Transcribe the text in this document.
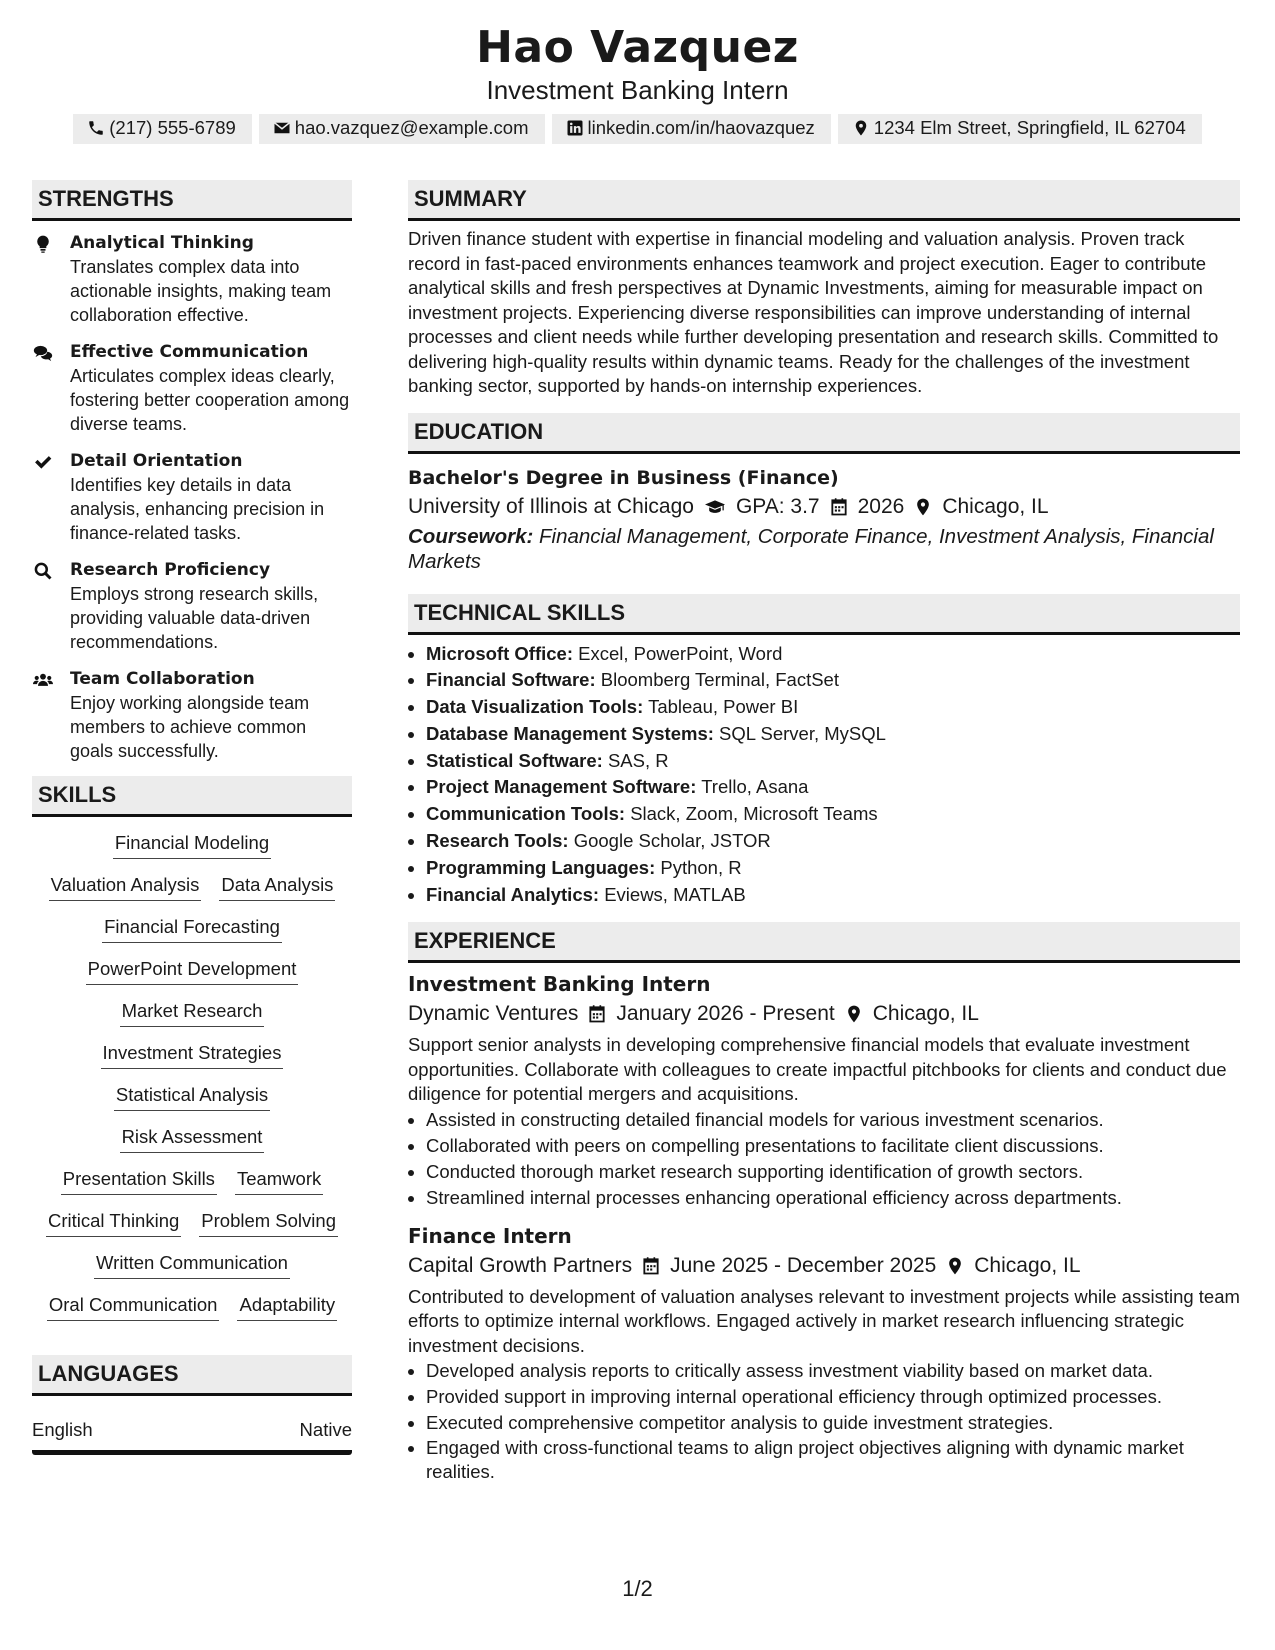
Hao Vazquez
Investment Banking Intern
(217) 555-6789	hao.vazquez@example.com	linkedin.com/in/haovazquez	1234 Elm Street, Springfield, IL 62704
STRENGTHS
Analytical Thinking
Translates complex data into actionable insights, making team collaboration effective.
Effective Communication
Articulates complex ideas clearly, fostering better cooperation among diverse teams.
Detail Orientation
Identifies key details in data analysis, enhancing precision in finance-related tasks.
Research Proficiency
Employs strong research skills, providing valuable data-driven recommendations.
Team Collaboration
Enjoy working alongside team members to achieve common goals successfully.
SKILLS
Financial Modeling
Valuation Analysis Data Analysis
Financial Forecasting
PowerPoint Development
Market Research
Investment Strategies
Statistical Analysis
Risk Assessment
Presentation Skills Teamwork
Critical Thinking Problem Solving
Written Communication
Oral Communication Adaptability
LANGUAGES
English	Native
SUMMARY
Driven finance student with expertise in financial modeling and valuation analysis. Proven track record in fast-paced environments enhances teamwork and project execution. Eager to contribute analytical skills and fresh perspectives at Dynamic Investments, aiming for measurable impact on investment projects. Experiencing diverse responsibilities can improve understanding of internal processes and client needs while further developing presentation and research skills. Committed to delivering high-quality results within dynamic teams. Ready for the challenges of the investment banking sector, supported by hands-on internship experiences.
EDUCATION
Bachelor's Degree in Business (Finance)
University of Illinois at Chicago GPA: 3.7 2026 Chicago, IL
Coursework: Financial Management, Corporate Finance, Investment Analysis, Financial Markets
TECHNICAL SKILLS
• Microsoft Office: Excel, PowerPoint, Word
• Financial Software: Bloomberg Terminal, FactSet
• Data Visualization Tools: Tableau, Power BI
• Database Management Systems: SQL Server, MySQL
• Statistical Software: SAS, R
• Project Management Software: Trello, Asana
• Communication Tools: Slack, Zoom, Microsoft Teams
• Research Tools: Google Scholar, JSTOR
• Programming Languages: Python, R
• Financial Analytics: Eviews, MATLAB
EXPERIENCE
Investment Banking Intern
Dynamic Ventures January 2026 - Present Chicago, IL
Support senior analysts in developing comprehensive financial models that evaluate investment opportunities. Collaborate with colleagues to create impactful pitchbooks for clients and conduct due diligence for potential mergers and acquisitions.
• Assisted in constructing detailed financial models for various investment scenarios.
• Collaborated with peers on compelling presentations to facilitate client discussions.
• Conducted thorough market research supporting identification of growth sectors.
• Streamlined internal processes enhancing operational efficiency across departments.
Finance Intern
Capital Growth Partners June 2025 - December 2025 Chicago, IL
Contributed to development of valuation analyses relevant to investment projects while assisting team efforts to optimize internal workflows. Engaged actively in market research influencing strategic investment decisions.
• Developed analysis reports to critically assess investment viability based on market data.
• Provided support in improving internal operational efficiency through optimized processes.
• Executed comprehensive competitor analysis to guide investment strategies.
• Engaged with cross-functional teams to align project objectives aligning with dynamic market realities.
1/2
